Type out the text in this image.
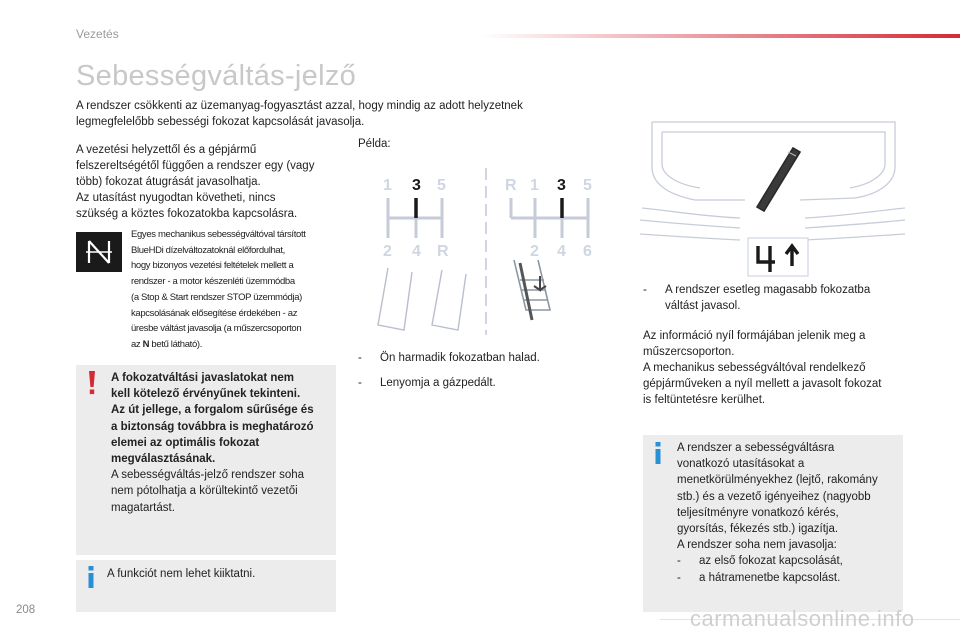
Vezetés
Sebességváltás-jelző

A rendszer csökkenti az üzemanyag-fogyasztást azzal, hogy mindig az adott helyzetnek legmegfelelőbb sebességi fokozat kapcsolását javasolja.

A vezetési helyzettől és a gépjármű
felszereltségétől függően a rendszer egy (vagy
több) fokozat átugrását javasolhatja.
Az utasítást nyugodtan követheti, nincs
szükség a köztes fokozatokba kapcsolásra.
Egyes mechanikus sebességváltóval társított
BlueHDi dízelváltozatoknál előfordulhat,
hogy bizonyos vezetési feltételek mellett a
rendszer - a motor készenléti üzemmódba
(a Stop & Start rendszer STOP üzemmódja)
kapcsolásának elősegítése érdekében - az
üresbe váltást javasolja (a műszercsoporton
az N betű látható).
A fokozatváltási javaslatokat nem
kell kötelező érvényűnek tekinteni.
Az út jellege, a forgalom sűrűsége és
a biztonság továbbra is meghatározó
elemei az optimális fokozat
megválasztásának.
A sebességváltás-jelző rendszer soha
nem pótolhatja a körültekintő vezetői
magatartást.
A funkciót nem lehet kiiktatni.
Példa:
1 3 5
2 4 R
R 1 3 5
2 4 6
-	Ön harmadik fokozatban halad.
-	Lenyomja a gázpedált.
-	A rendszer esetleg magasabb fokozatba
váltást javasol.
Az információ nyíl formájában jelenik meg a
műszercsoporton.
A mechanikus sebességváltóval rendelkező
gépjárműveken a nyíl mellett a javasolt fokozat
is feltüntetésre kerülhet.
A rendszer a sebességváltásra
vonatkozó utasításokat a
menetkörülményekhez (lejtő, rakomány
stb.) és a vezető igényeihez (nagyobb
teljesítményre vonatkozó kérés,
gyorsítás, fékezés stb.) igazítja.
A rendszer soha nem javasolja:
-	az első fokozat kapcsolását,
-	a hátramenetbe kapcsolást.
208	carmanualsonline.info
